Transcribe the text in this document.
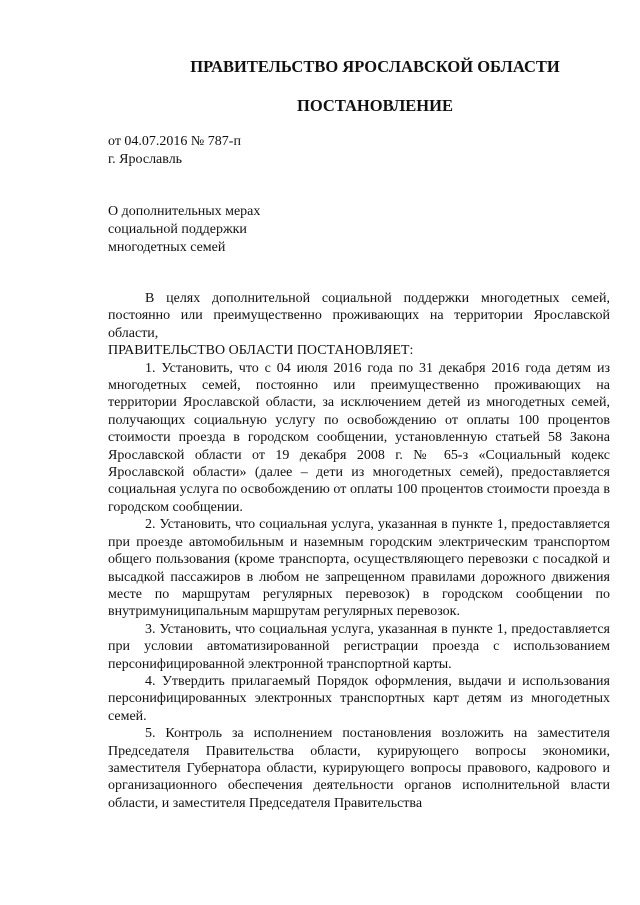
ПРАВИТЕЛЬСТВО ЯРОСЛАВСКОЙ ОБЛАСТИ
ПОСТАНОВЛЕНИЕ
от 04.07.2016 № 787-п
г. Ярославль
О дополнительных мерах
социальной поддержки
многодетных семей

В целях дополнительной социальной поддержки многодетных семей, постоянно или преимущественно проживающих на территории Ярославской области,

ПРАВИТЕЛЬСТВО ОБЛАСТИ ПОСТАНОВЛЯЕТ:

1. Установить, что с 04 июля 2016 года по 31 декабря 2016 года детям из многодетных семей, постоянно или преимущественно проживающих на территории Ярославской области, за исключением детей из многодетных семей, получающих социальную услугу по освобождению от оплаты 100 процентов стоимости проезда в городском сообщении, установленную статьей 58 Закона Ярославской области от 19 декабря 2008 г. № 65-з «Социальный кодекс Ярославской области» (далее – дети из многодетных семей), предоставляется социальная услуга по освобождению от оплаты 100 процентов стоимости проезда в городском сообщении.

2. Установить, что социальная услуга, указанная в пункте 1, предоставляется при проезде автомобильным и наземным городским электрическим транспортом общего пользования (кроме транспорта, осуществляющего перевозки с посадкой и высадкой пассажиров в любом не запрещенном правилами дорожного движения месте по маршрутам регулярных перевозок) в городском сообщении по внутримуниципальным маршрутам регулярных перевозок.

3. Установить, что социальная услуга, указанная в пункте 1, предоставляется при условии автоматизированной регистрации проезда с использованием персонифицированной электронной транспортной карты.

4. Утвердить прилагаемый Порядок оформления, выдачи и использования персонифицированных электронных транспортных карт детям из многодетных семей.

5. Контроль за исполнением постановления возложить на заместителя Председателя Правительства области, курирующего вопросы экономики, заместителя Губернатора области, курирующего вопросы правового, кадрового и организационного обеспечения деятельности органов исполнительной власти области, и заместителя Председателя Правительства
